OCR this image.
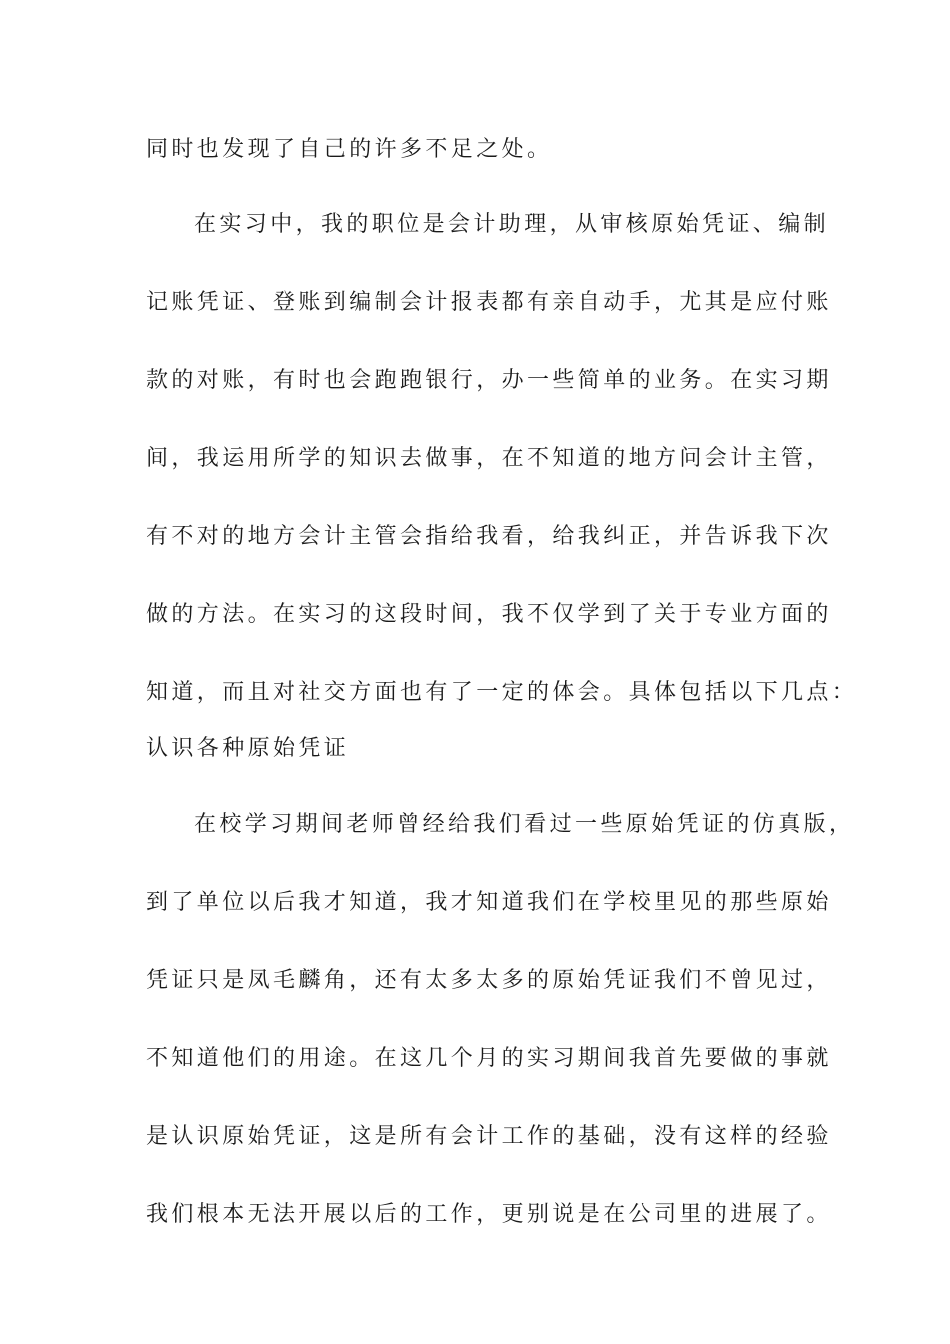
同时也发现了自己的许多不足之处。
在实习中，我的职位是会计助理，从审核原始凭证、编制
记账凭证、登账到编制会计报表都有亲自动手，尤其是应付账
款的对账，有时也会跑跑银行，办一些简单的业务。在实习期
间，我运用所学的知识去做事，在不知道的地方问会计主管，
有不对的地方会计主管会指给我看，给我纠正，并告诉我下次
做的方法。在实习的这段时间，我不仅学到了关于专业方面的
知道，而且对社交方面也有了一定的体会。具体包括以下几点：
认识各种原始凭证
在校学习期间老师曾经给我们看过一些原始凭证的仿真版，
到了单位以后我才知道，我才知道我们在学校里见的那些原始
凭证只是凤毛麟角，还有太多太多的原始凭证我们不曾见过，
不知道他们的用途。在这几个月的实习期间我首先要做的事就
是认识原始凭证，这是所有会计工作的基础，没有这样的经验
我们根本无法开展以后的工作，更别说是在公司里的进展了。
